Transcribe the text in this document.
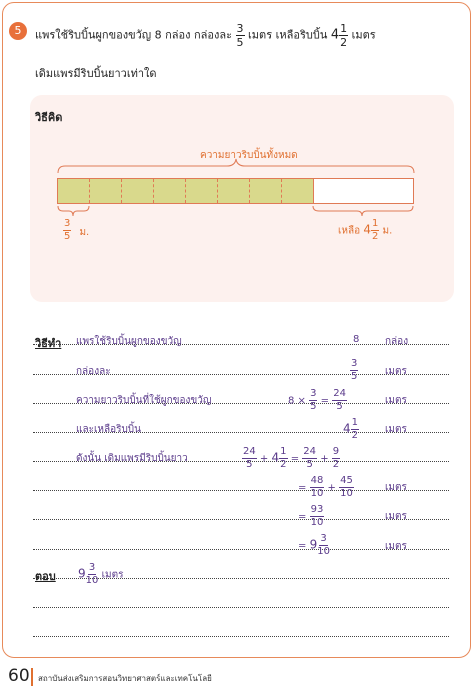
5	แพรใช้ริบบิ้นผูกของขวัญ 8 กล่อง กล่องละ $\frac{3}{5}$ เมตร เหลือริบบิ้น $4 \frac{1}{2}$ เมตร
เดิมแพรมีริบบิ้นยาวเท่าใด
วิธีคิด
ความยาวริบบิ้นทั้งหมด
$\frac{3}{5}$ ม.	เหลือ $4 \frac{1}{2}$ ม.
วิธีทำ แพรใช้ริบบิ้นผูกของขวัญ	8	กล่อง
กล่องละ	$\frac{3}{5}$	เมตร
ความยาวริบบิ้นที่ใช้ผูกของขวัญ	$8 \times \frac{3}{5} = \frac{24}{5}$	เมตร
และเหลือริบบิ้น	$4 \frac{1}{2}$	เมตร
ดังนั้น เดิมแพรมีริบบิ้นยาว	$\frac{24}{5} + 4 \frac{1}{2} = \frac{24}{5} + \frac{9}{2}$
= $\frac{48}{10} + \frac{45}{10}$	เมตร
= $\frac{93}{10}$	เมตร
= $9 \frac{3}{10}$	เมตร
ตอบ $9 \frac{3}{10}$ เมตร
60 สถาบันส่งเสริมการสอนวิทยาศาสตร์และเทคโนโลยี
